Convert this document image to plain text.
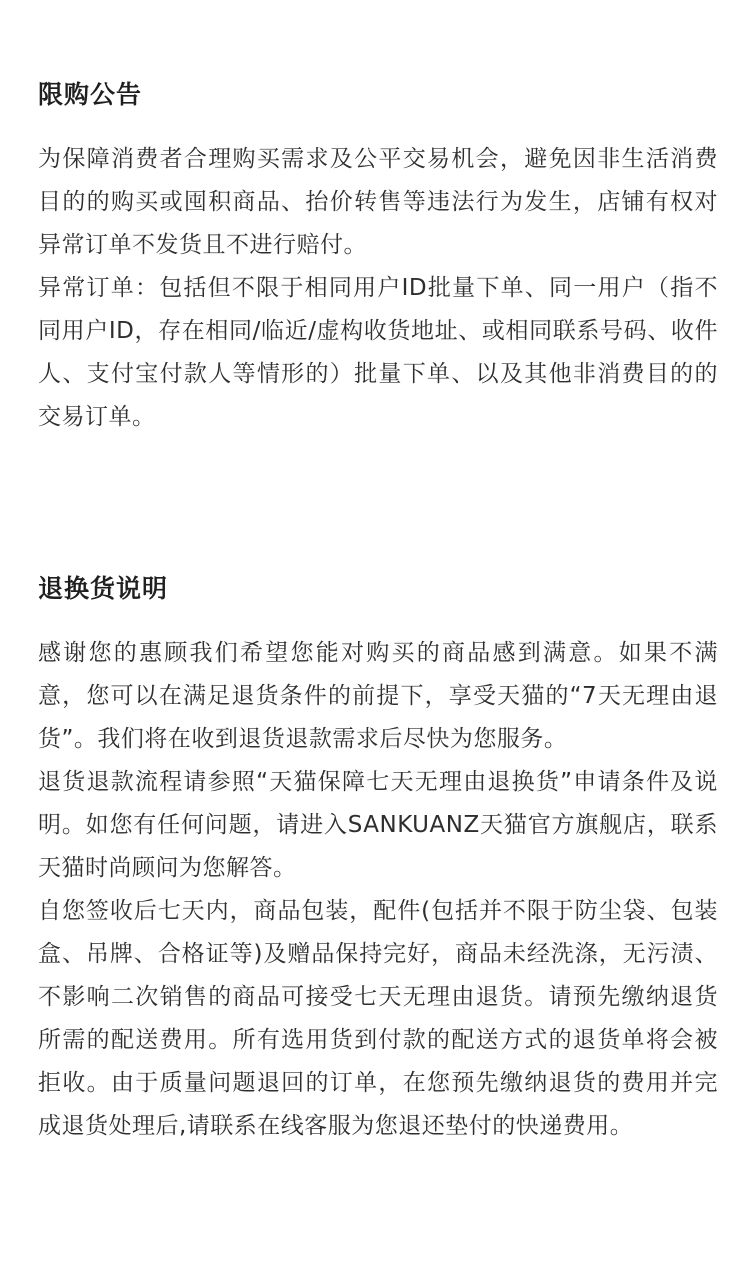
限购公告

为保障消费者合理购买需求及公平交易机会，避免因非生活消费目的的购买或囤积商品、抬价转售等违法行为发生，店铺有权对异常订单不发货且不进行赔付。

异常订单：包括但不限于相同用户ID批量下单、同一用户（指不同用户ID，存在相同/临近/虚构收货地址、或相同联系号码、收件人、支付宝付款人等情形的）批量下单、以及其他非消费目的的交易订单。

退换货说明

感谢您的惠顾我们希望您能对购买的商品感到满意。如果不满意，您可以在满足退货条件的前提下，享受天猫的“7天无理由退货”。我们将在收到退货退款需求后尽快为您服务。

退货退款流程请参照“天猫保障七天无理由退换货”申请条件及说明。如您有任何问题，请进入SANKUANZ天猫官方旗舰店，联系天猫时尚顾问为您解答。

自您签收后七天内，商品包装，配件(包括并不限于防尘袋、包装盒、吊牌、合格证等)及赠品保持完好，商品未经洗涤，无污渍、不影响二次销售的商品可接受七天无理由退货。请预先缴纳退货所需的配送费用。所有选用货到付款的配送方式的退货单将会被拒收。由于质量问题退回的订单，在您预先缴纳退货的费用并完成退货处理后,请联系在线客服为您退还垫付的快递费用。
